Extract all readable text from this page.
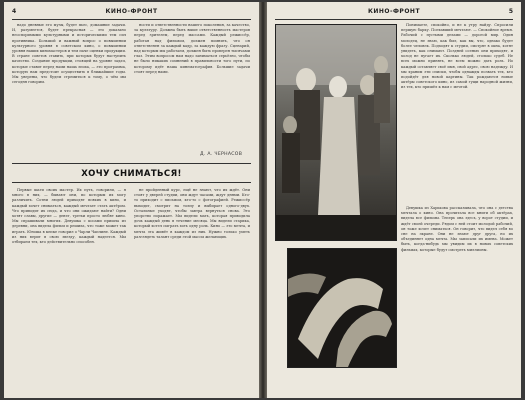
4	КИНО-ФРОНТ

надо дневные его музы, будет пьес, домашние задачи. И, разумеется, будет прекрасная — это доказано неоспоримыми культурными и историческими тем сил противника. Большой и важный вопрос о повышении культурного уровня в советском кино, о повышении уровня наших киномастеров и тем паче оценки продукции. В стране советов ставить, при которых будут наступить качество. Создание продукции, стоящей на уровне задач, которые ставит перед нами наша эпоха, — это программа, которую нам предстоит осуществить в ближайшие годы. Мы уверены, что будем стремиться к тому, о чём мы сегодня говорим.

ности и ответственности нашего поколения, за качество, за культуру. Должна быть выше ответственность мастеров перед зрителем, перед массами. Каждый режиссёр, работая над фильмом, должен помнить, что он ответственен за каждый кадр, за каждую фразу. Сценарий, над которым мы работаем, должен быть проверен тысячами глаз. Этим вопросом нам надо заниматься серьёзно, чтобы не было никаких сомнений в правильности того пути, по которому идёт наша кинематография. Большие задачи стоят перед нами.

Д. А. ЧЕРНАСОВ
ХОЧУ СНИМАТЬСЯ!

Первые шаги своих мастер. Их путь, говорили, — я много в них, — бывают они, по которым их могу различить. Сотни людей приходят всяких в кино, и каждый хочет сниматься, каждый мечтает стать актёром. Что приводит их сюда, и что они ожидают найти? Одни хотят славы, другие — денег, третьи просто любят кино. Мы спрашивали многих. Девушка с косами пришла из деревни, она видела фильм и решила, что тоже может так играть. Юноша в кепке говорил о Чарли Чаплине. Каждый из них верит в свою звезду, каждый надеется. Мы отбираем тех, кто действительно способен.

не пройденный курс, ещё не знают, что их ждёт. Они стоят у дверей студии, они ждут часами, ждут днями. Кто-то приходит с письмом, кто-то с фотографией. Режиссёр выходит, смотрит на толпу и выбирает одного-двух. Остальные уходят, чтобы завтра вернуться снова. Это упорство поражает. Мы видели мать, которая приводила дочь каждый день в течение месяца. Мы видели старика, который хотел сыграть хоть одну роль. Кино — это мечта, и мечта эта живёт в каждом из них. Нужно только уметь разглядеть талант среди этой массы желающих.

КИНО-ФРОНТ	5

Понимаете, спокойно, и не к утру найду. Спросили першую барку. Поехавший мечтают. — Спокойное время. Рабочий с пустыми делами — дорогой мир. Один молодец, не знаю, как был, как вы, что, однако будет более человек. Подходят к студии, смотрят в окна, хотят увидеть, как снимают. Поздней осенью они приходят, и холод не пугает их. Сколько людей, столько судеб. Не всех можно принять, не всем можно дать роль. Но каждый оставляет своё имя, свой адрес, свою надежду. И мы храним эти списки, чтобы однажды позвать тех, кто подойдёт для новой картины. Так рождаются новые актёры советского кино, из самой гущи народной жизни, из тех, кто пришёл к нам с мечтой.

Девушка из Харькова рассказывала, что она с детства мечтала о кино. Она прочитала все книги об актёрах, видела все фильмы. Теперь она здесь, у ворот студии, и ждёт своей очереди. Рядом с ней стоит молодой рабочий, он тоже хочет сниматься. Он говорит, что видел себя во сне на экране. Они не знают друг друга, но их объединяет одна мечта. Мы записали их имена. Может быть, когда-нибудь мы увидим их в новых советских фильмах, которые будут смотреть миллионы.
